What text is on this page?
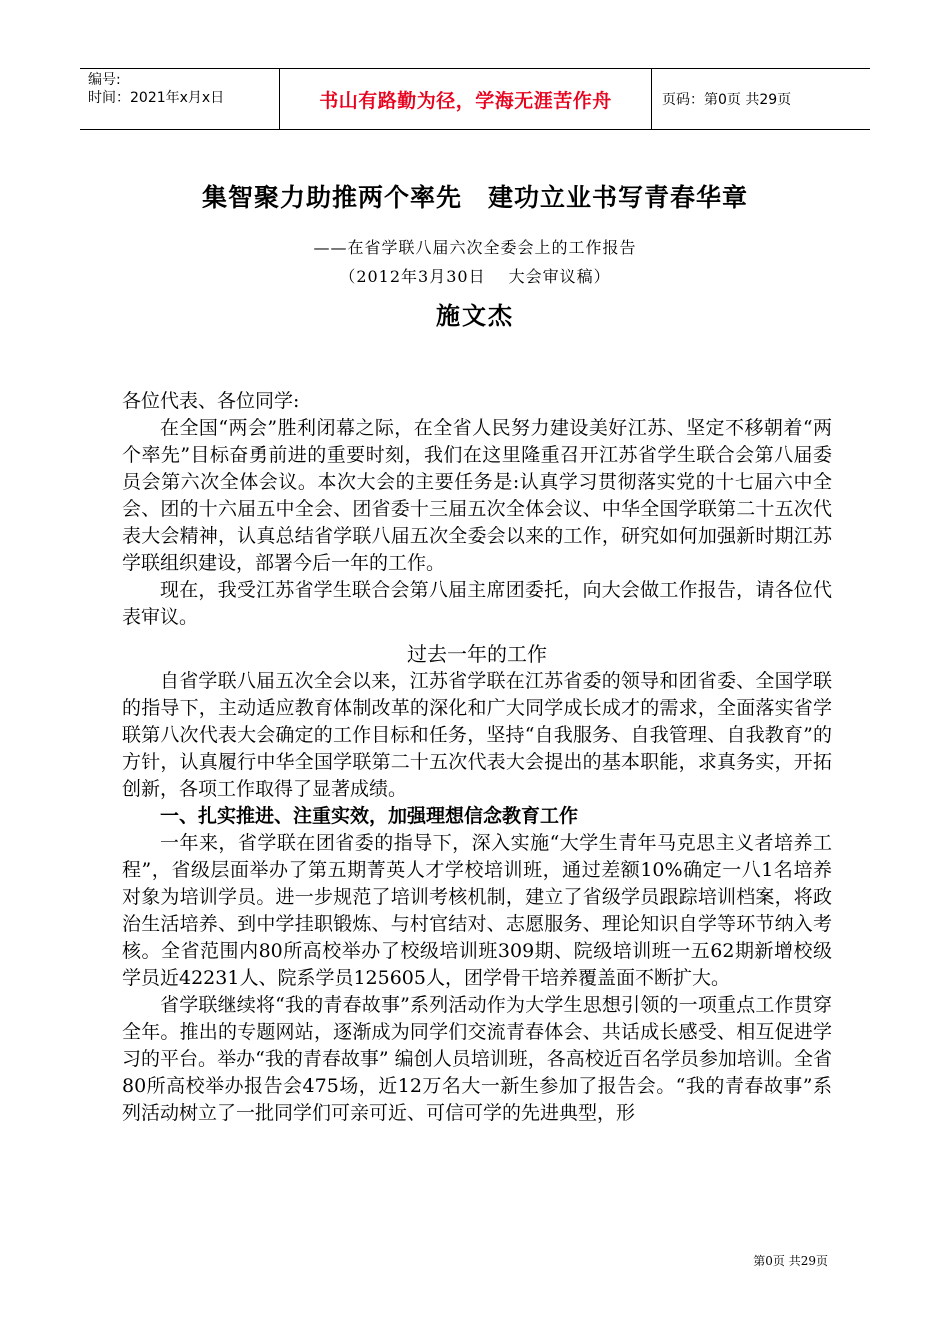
编号:
时间：2021年x月x日	书山有路勤为径，学海无涯苦作舟	页码：第0页 共29页
集智聚力助推两个率先　建功立业书写青春华章
——在省学联八届六次全委会上的工作报告
（2012年3月30日　 大会审议稿）
施文杰

各位代表、各位同学:

在全国“两会”胜利闭幕之际，在全省人民努力建设美好江苏、坚定不移朝着“两个率先”目标奋勇前进的重要时刻，我们在这里隆重召开江苏省学生联合会第八届委员会第六次全体会议。本次大会的主要任务是:认真学习贯彻落实党的十七届六中全会、团的十六届五中全会、团省委十三届五次全体会议、中华全国学联第二十五次代表大会精神，认真总结省学联八届五次全委会以来的工作，研究如何加强新时期江苏学联组织建设，部署今后一年的工作。

现在，我受江苏省学生联合会第八届主席团委托，向大会做工作报告，请各位代表审议。

过去一年的工作

自省学联八届五次全会以来，江苏省学联在江苏省委的领导和团省委、全国学联的指导下，主动适应教育体制改革的深化和广大同学成长成才的需求，全面落实省学联第八次代表大会确定的工作目标和任务，坚持“自我服务、自我管理、自我教育”的方针，认真履行中华全国学联第二十五次代表大会提出的基本职能，求真务实，开拓创新，各项工作取得了显著成绩。

一、扎实推进、注重实效，加强理想信念教育工作

一年来，省学联在团省委的指导下，深入实施“大学生青年马克思主义者培养工程”，省级层面举办了第五期菁英人才学校培训班，通过差额10%确定一八1名培养对象为培训学员。进一步规范了培训考核机制，建立了省级学员跟踪培训档案，将政治生活培养、到中学挂职锻炼、与村官结对、志愿服务、理论知识自学等环节纳入考核。全省范围内80所高校举办了校级培训班309期、院级培训班一五62期新增校级学员近42231人、院系学员125605人，团学骨干培养覆盖面不断扩大。

省学联继续将“我的青春故事”系列活动作为大学生思想引领的一项重点工作贯穿全年。推出的专题网站，逐渐成为同学们交流青春体会、共话成长感受、相互促进学习的平台。举办“我的青春故事” 编创人员培训班，各高校近百名学员参加培训。全省80所高校举办报告会475场，近12万名大一新生参加了报告会。“我的青春故事”系列活动树立了一批同学们可亲可近、可信可学的先进典型，形

第0页 共29页
